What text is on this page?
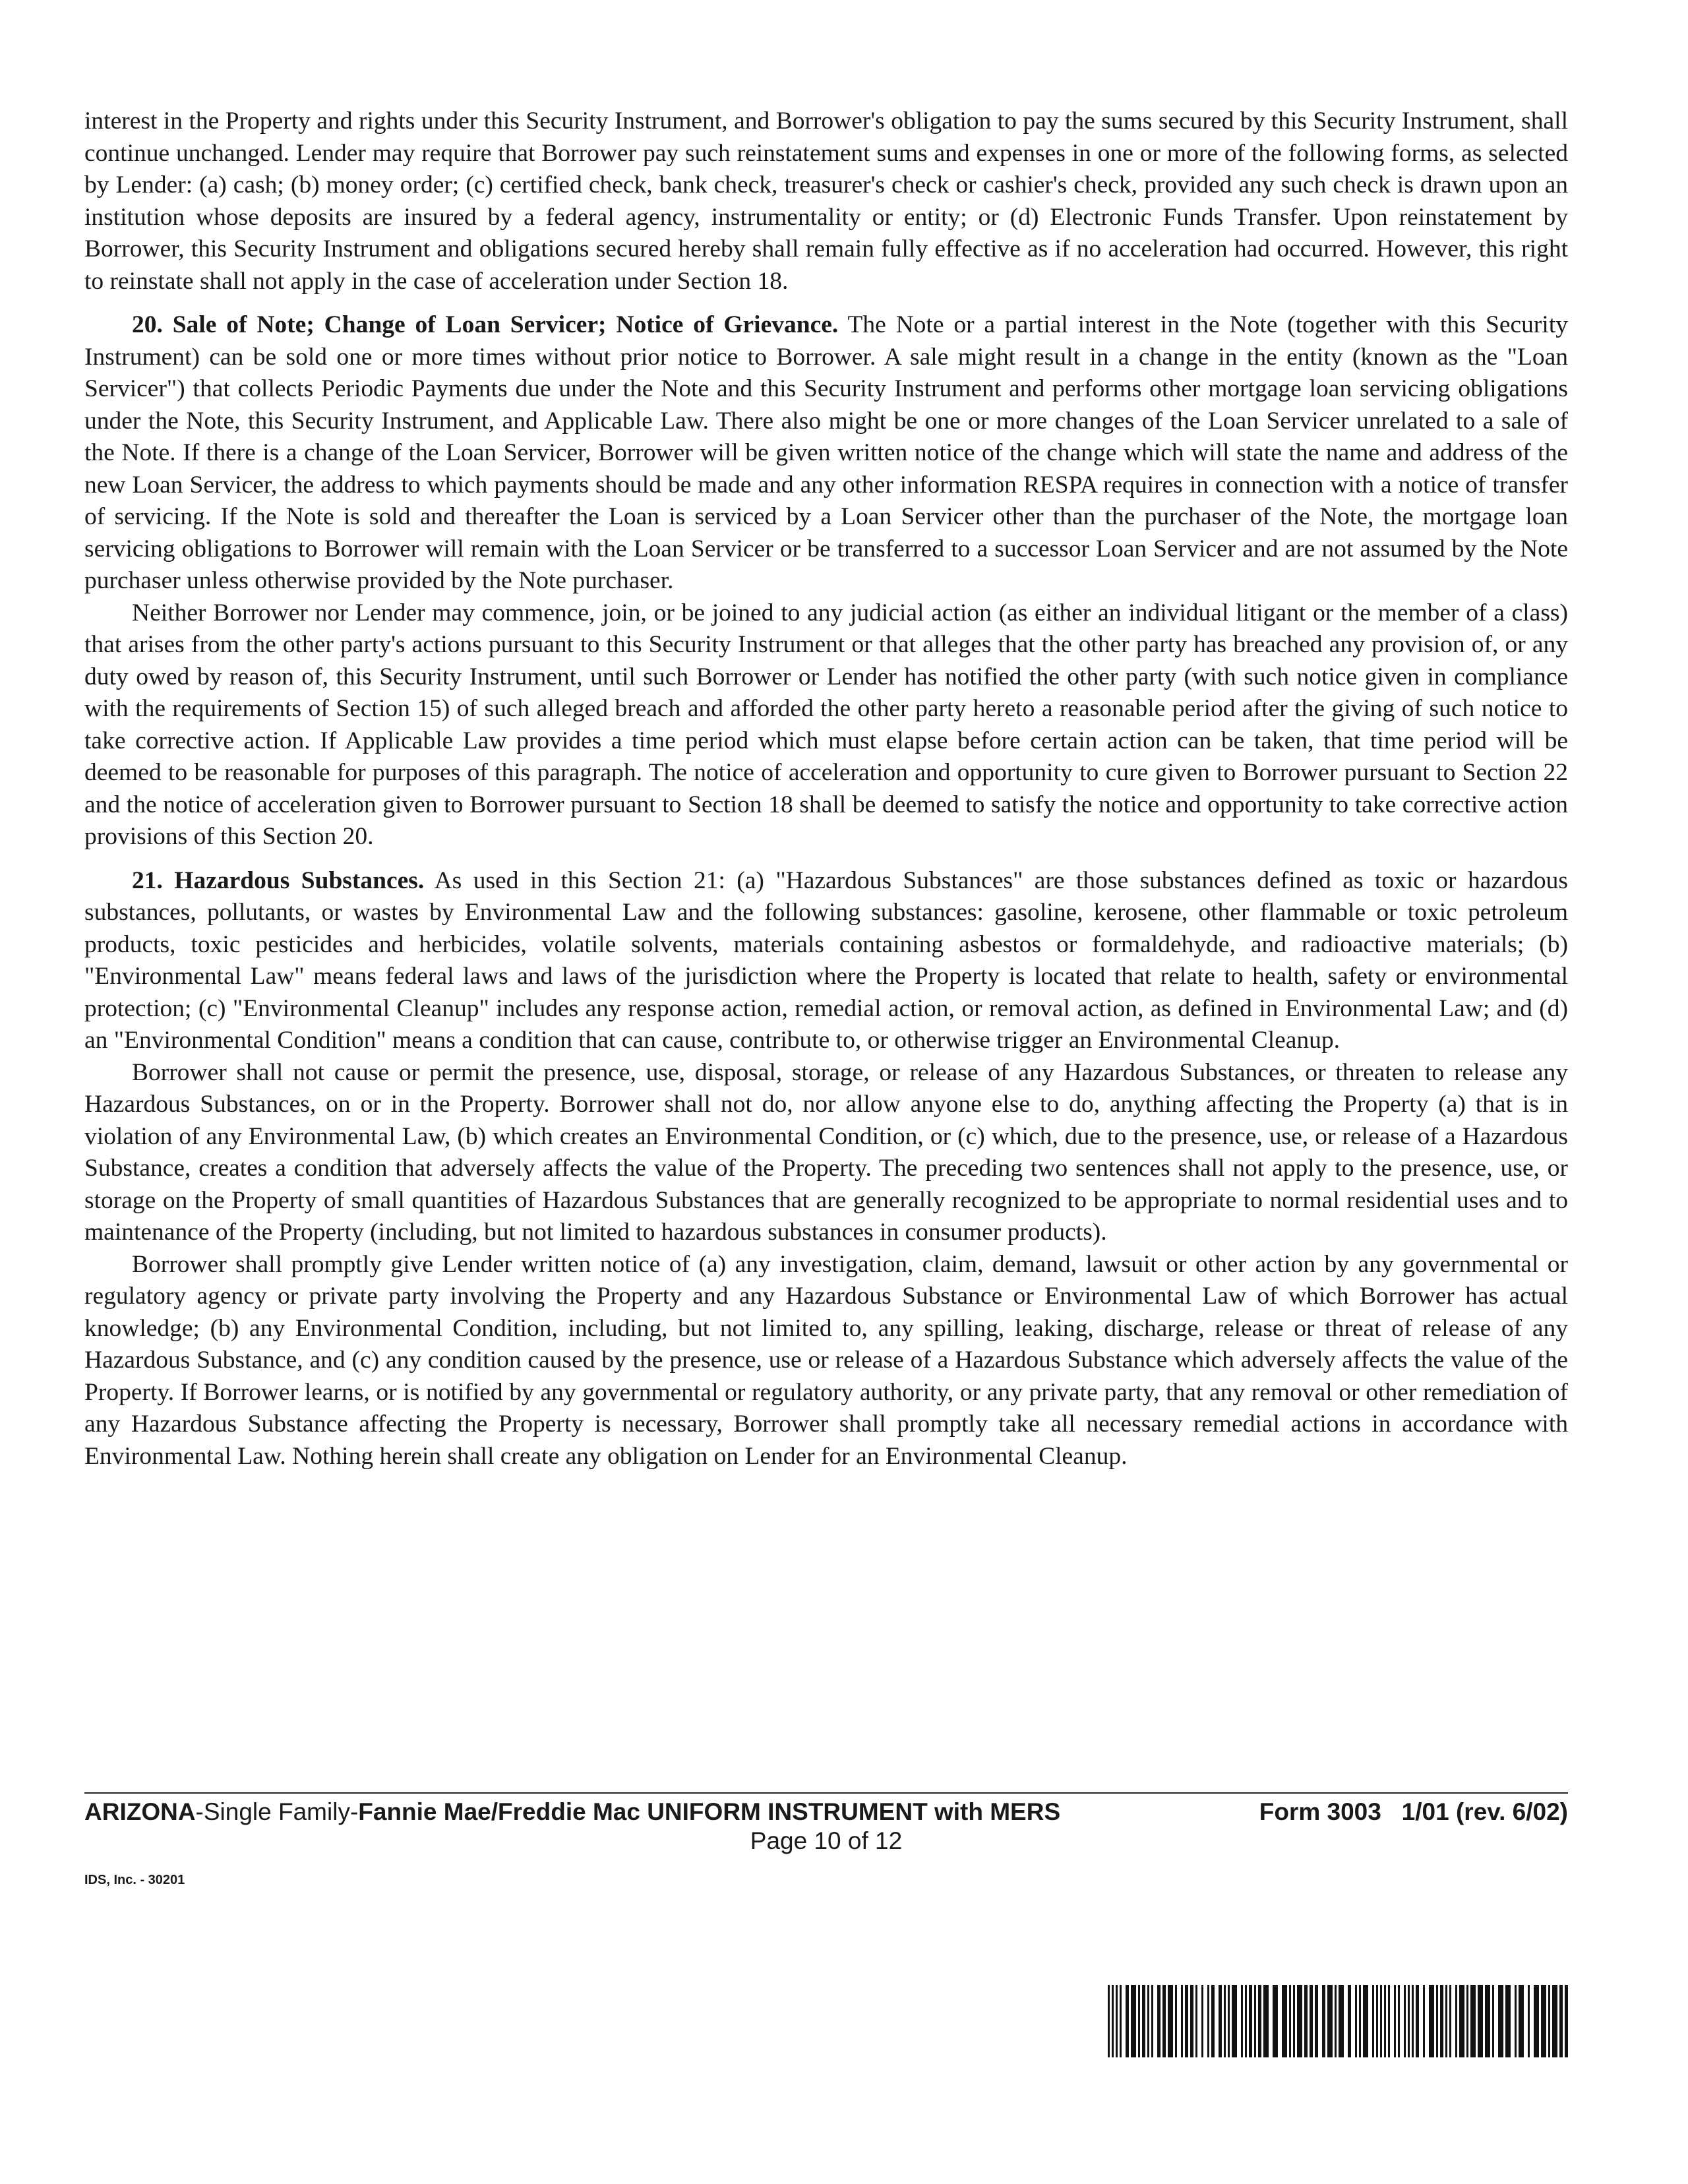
interest in the Property and rights under this Security Instrument, and Borrower's obligation to pay the sums secured by this Security Instrument, shall continue unchanged. Lender may require that Borrower pay such reinstatement sums and expenses in one or more of the following forms, as selected by Lender: (a) cash; (b) money order; (c) certified check, bank check, treasurer's check or cashier's check, provided any such check is drawn upon an institution whose deposits are insured by a federal agency, instrumentality or entity; or (d) Electronic Funds Transfer. Upon reinstatement by Borrower, this Security Instrument and obligations secured hereby shall remain fully effective as if no acceleration had occurred. However, this right to reinstate shall not apply in the case of acceleration under Section 18.

20. Sale of Note; Change of Loan Servicer; Notice of Grievance. The Note or a partial interest in the Note (together with this Security Instrument) can be sold one or more times without prior notice to Borrower. A sale might result in a change in the entity (known as the "Loan Servicer") that collects Periodic Payments due under the Note and this Security Instrument and performs other mortgage loan servicing obligations under the Note, this Security Instrument, and Applicable Law. There also might be one or more changes of the Loan Servicer unrelated to a sale of the Note. If there is a change of the Loan Servicer, Borrower will be given written notice of the change which will state the name and address of the new Loan Servicer, the address to which payments should be made and any other information RESPA requires in connection with a notice of transfer of servicing. If the Note is sold and thereafter the Loan is serviced by a Loan Servicer other than the purchaser of the Note, the mortgage loan servicing obligations to Borrower will remain with the Loan Servicer or be transferred to a successor Loan Servicer and are not assumed by the Note purchaser unless otherwise provided by the Note purchaser.

Neither Borrower nor Lender may commence, join, or be joined to any judicial action (as either an individual litigant or the member of a class) that arises from the other party's actions pursuant to this Security Instrument or that alleges that the other party has breached any provision of, or any duty owed by reason of, this Security Instrument, until such Borrower or Lender has notified the other party (with such notice given in compliance with the requirements of Section 15) of such alleged breach and afforded the other party hereto a reasonable period after the giving of such notice to take corrective action. If Applicable Law provides a time period which must elapse before certain action can be taken, that time period will be deemed to be reasonable for purposes of this paragraph. The notice of acceleration and opportunity to cure given to Borrower pursuant to Section 22 and the notice of acceleration given to Borrower pursuant to Section 18 shall be deemed to satisfy the notice and opportunity to take corrective action provisions of this Section 20.

21. Hazardous Substances. As used in this Section 21: (a) "Hazardous Substances" are those substances defined as toxic or hazardous substances, pollutants, or wastes by Environmental Law and the following substances: gasoline, kerosene, other flammable or toxic petroleum products, toxic pesticides and herbicides, volatile solvents, materials containing asbestos or formaldehyde, and radioactive materials; (b) "Environmental Law" means federal laws and laws of the jurisdiction where the Property is located that relate to health, safety or environmental protection; (c) "Environmental Cleanup" includes any response action, remedial action, or removal action, as defined in Environmental Law; and (d) an "Environmental Condition" means a condition that can cause, contribute to, or otherwise trigger an Environmental Cleanup.

Borrower shall not cause or permit the presence, use, disposal, storage, or release of any Hazardous Substances, or threaten to release any Hazardous Substances, on or in the Property. Borrower shall not do, nor allow anyone else to do, anything affecting the Property (a) that is in violation of any Environmental Law, (b) which creates an Environmental Condition, or (c) which, due to the presence, use, or release of a Hazardous Substance, creates a condition that adversely affects the value of the Property. The preceding two sentences shall not apply to the presence, use, or storage on the Property of small quantities of Hazardous Substances that are generally recognized to be appropriate to normal residential uses and to maintenance of the Property (including, but not limited to hazardous substances in consumer products).

Borrower shall promptly give Lender written notice of (a) any investigation, claim, demand, lawsuit or other action by any governmental or regulatory agency or private party involving the Property and any Hazardous Substance or Environmental Law of which Borrower has actual knowledge; (b) any Environmental Condition, including, but not limited to, any spilling, leaking, discharge, release or threat of release of any Hazardous Substance, and (c) any condition caused by the presence, use or release of a Hazardous Substance which adversely affects the value of the Property. If Borrower learns, or is notified by any governmental or regulatory authority, or any private party, that any removal or other remediation of any Hazardous Substance affecting the Property is necessary, Borrower shall promptly take all necessary remedial actions in accordance with Environmental Law. Nothing herein shall create any obligation on Lender for an Environmental Cleanup.

ARIZONA-Single Family-Fannie Mae/Freddie Mac UNIFORM INSTRUMENT with MERS	Form 3003   1/01 (rev. 6/02)
Page 10 of 12
IDS, Inc. - 30201
